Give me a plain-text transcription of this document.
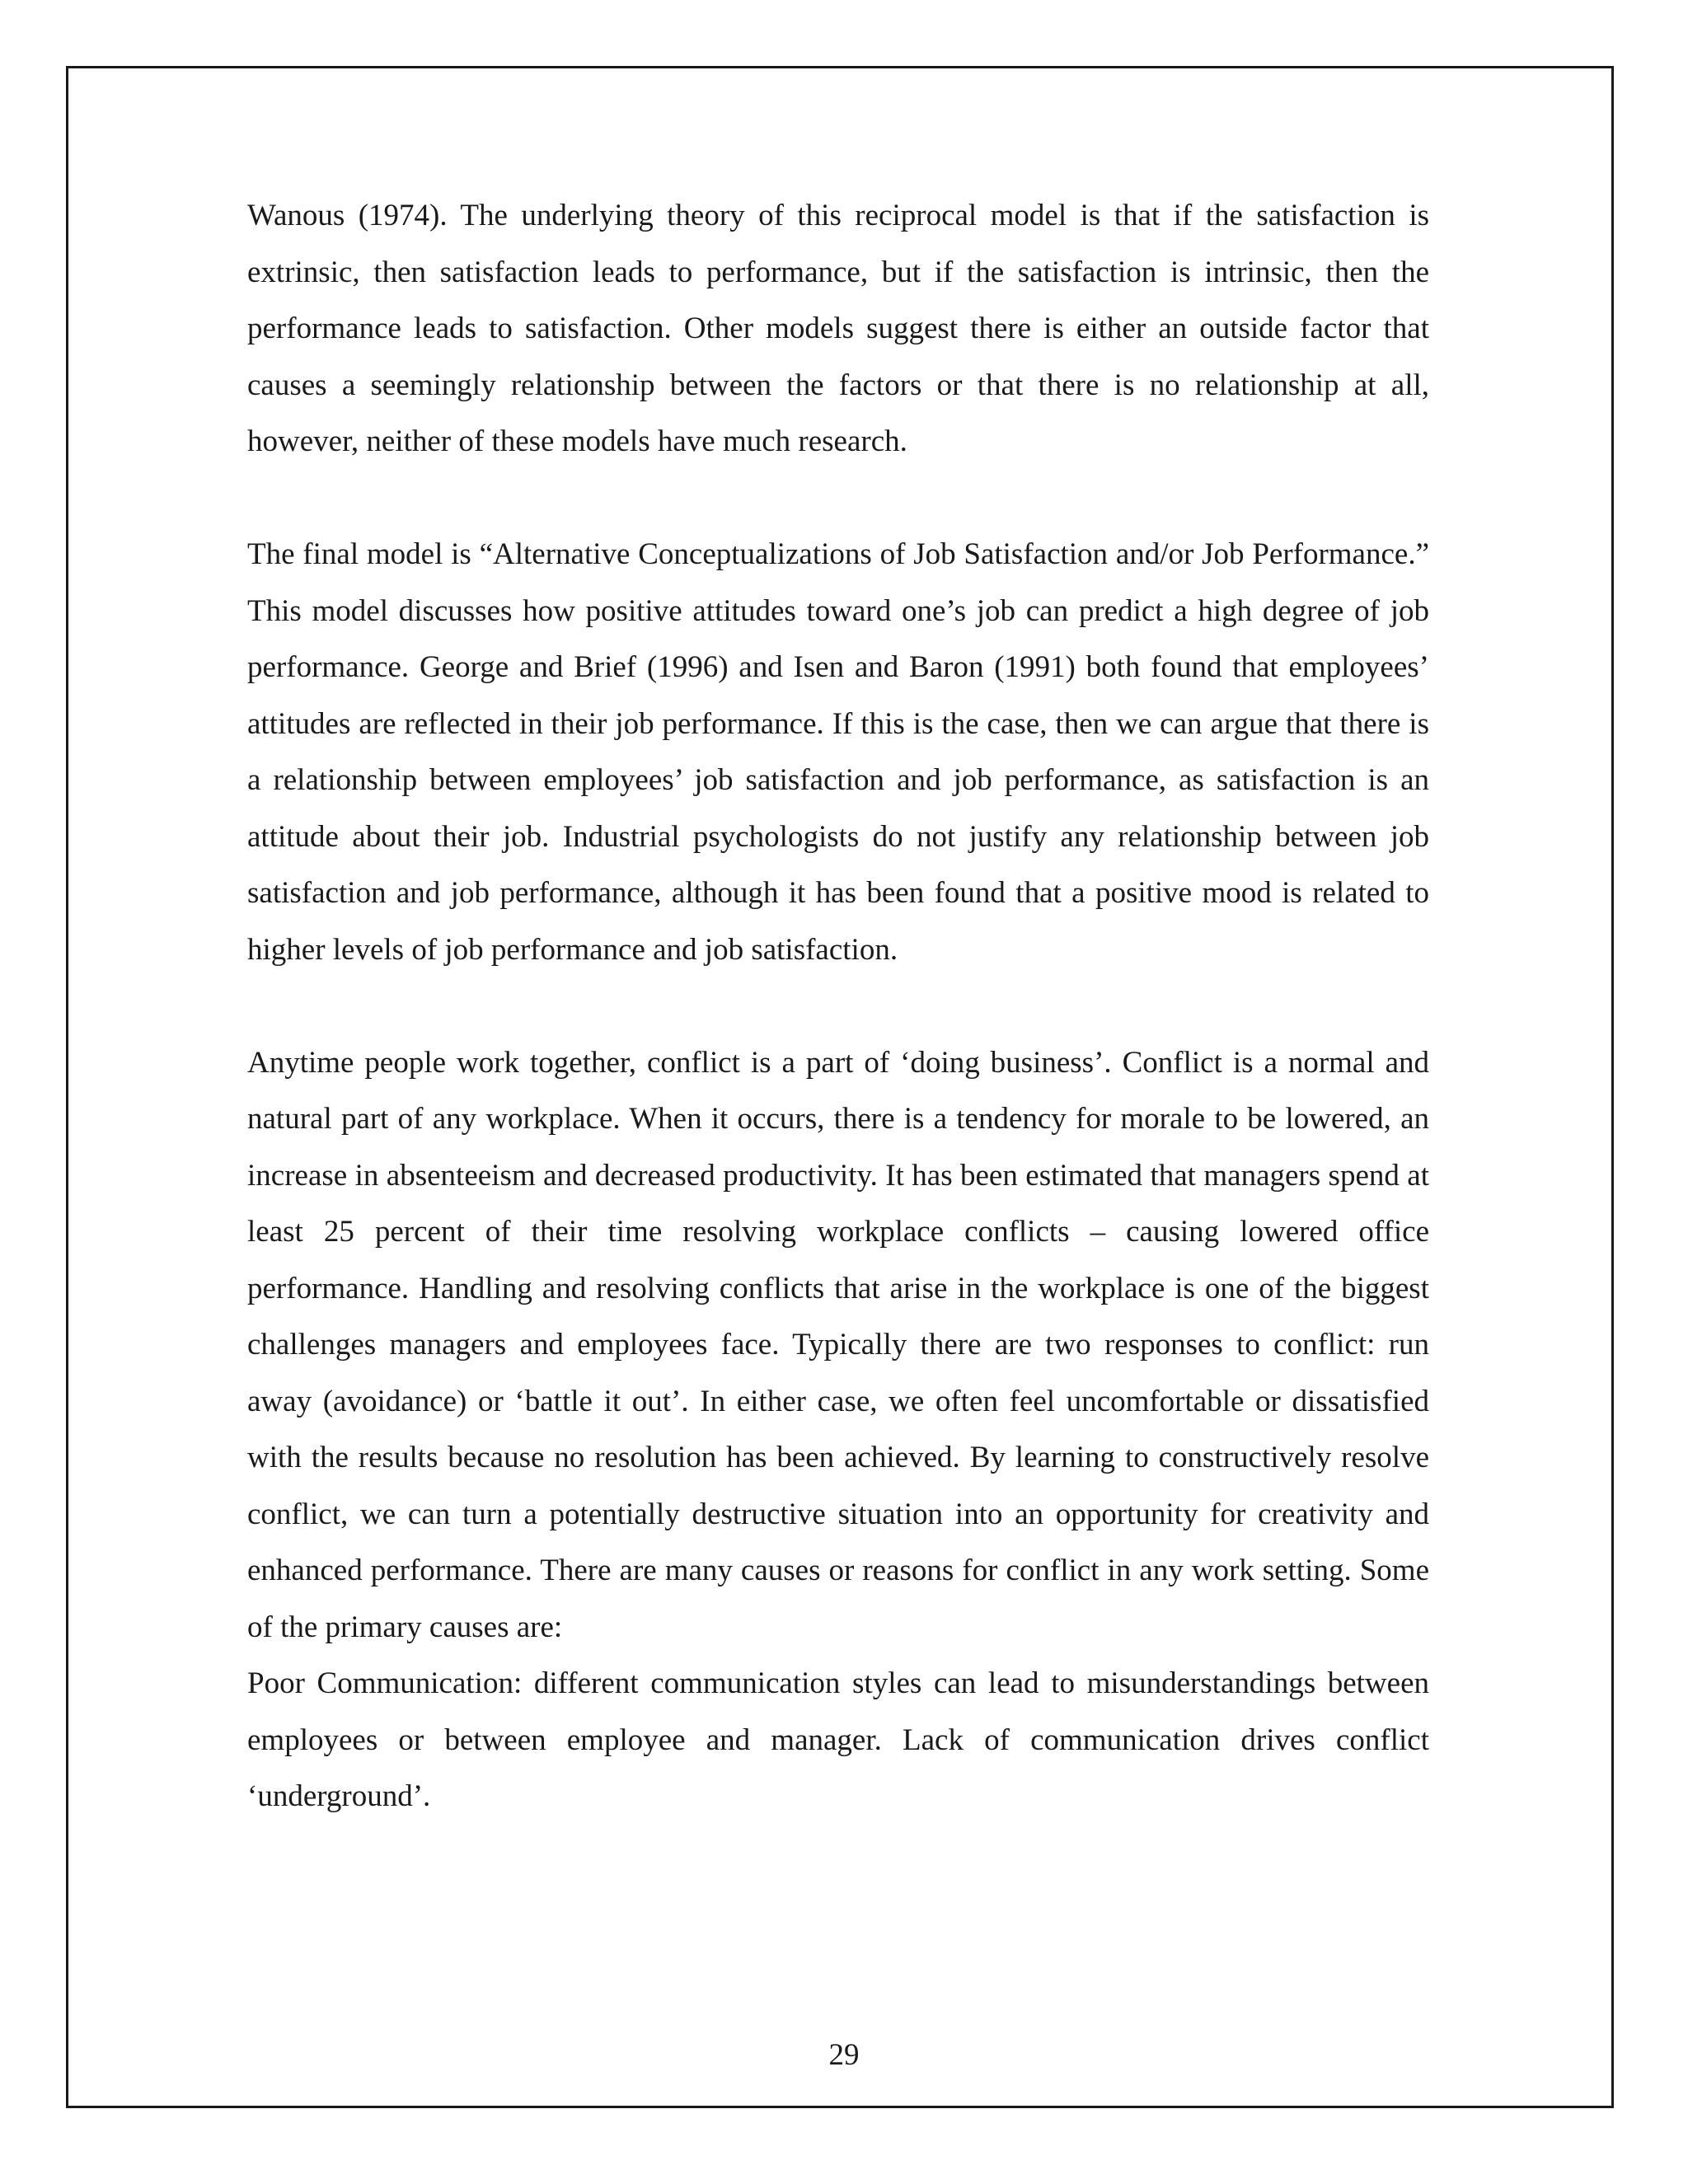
Wanous (1974). The underlying theory of this reciprocal model is that if the satisfaction is extrinsic, then satisfaction leads to performance, but if the satisfaction is intrinsic, then the performance leads to satisfaction. Other models suggest there is either an outside factor that causes a seemingly relationship between the factors or that there is no relationship at all, however, neither of these models have much research.

The final model is “Alternative Conceptualizations of Job Satisfaction and/or Job Performance.” This model discusses how positive attitudes toward one’s job can predict a high degree of job performance. George and Brief (1996) and Isen and Baron (1991) both found that employees’ attitudes are reflected in their job performance. If this is the case, then we can argue that there is a relationship between employees’ job satisfaction and job performance, as satisfaction is an attitude about their job. Industrial psychologists do not justify any relationship between job satisfaction and job performance, although it has been found that a positive mood is related to higher levels of job performance and job satisfaction.

Anytime people work together, conflict is a part of ‘doing business’. Conflict is a normal and natural part of any workplace. When it occurs, there is a tendency for morale to be lowered, an increase in absenteeism and decreased productivity. It has been estimated that managers spend at least 25 percent of their time resolving workplace conflicts – causing lowered office performance. Handling and resolving conflicts that arise in the workplace is one of the biggest challenges managers and employees face. Typically there are two responses to conflict: run away (avoidance) or ‘battle it out’. In either case, we often feel uncomfortable or dissatisfied with the results because no resolution has been achieved. By learning to constructively resolve conflict, we can turn a potentially destructive situation into an opportunity for creativity and enhanced performance. There are many causes or reasons for conflict in any work setting. Some of the primary causes are:

Poor Communication: different communication styles can lead to misunderstandings between employees or between employee and manager. Lack of communication drives conflict ‘underground’.

29
